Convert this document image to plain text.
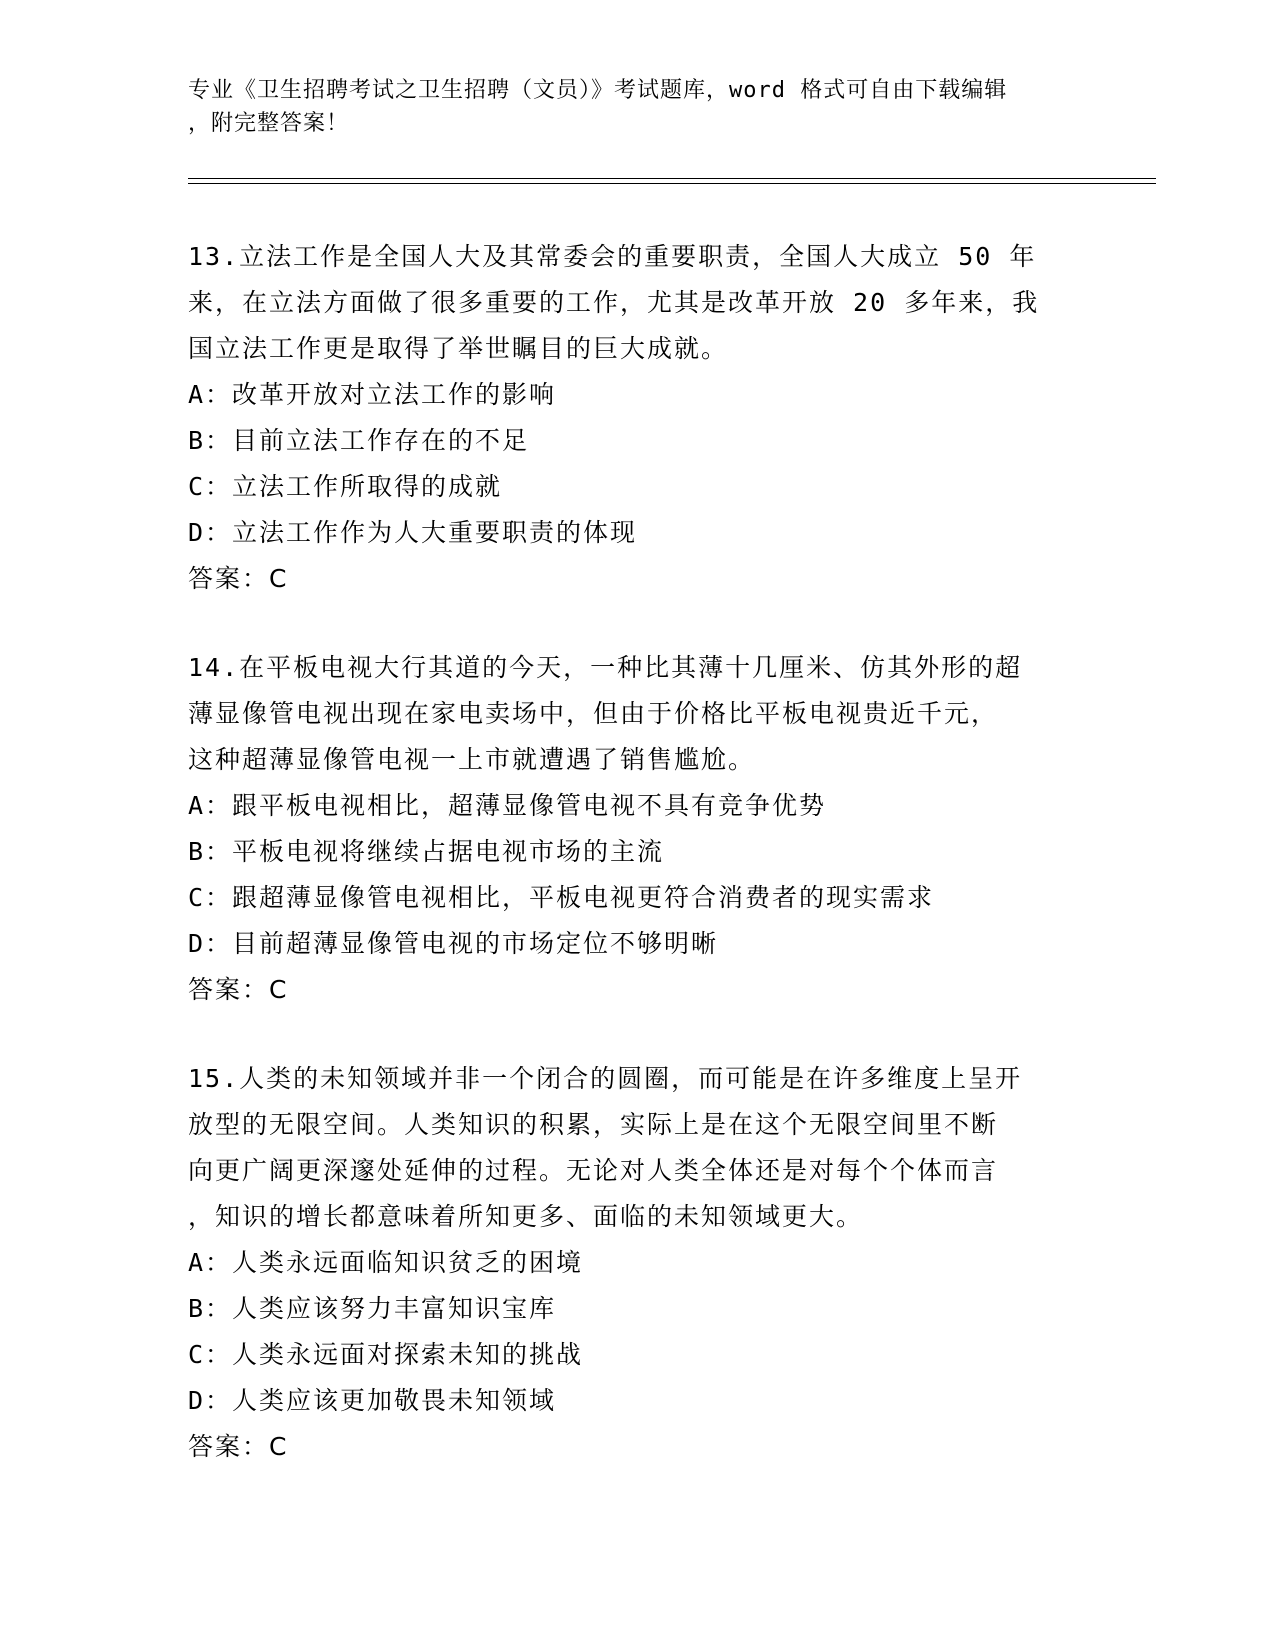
专业《卫生招聘考试之卫生招聘（文员）》考试题库，word 格式可自由下载编辑
，附完整答案！
13.立法工作是全国人大及其常委会的重要职责，全国人大成立 50 年
来，在立法方面做了很多重要的工作，尤其是改革开放 20 多年来，我
国立法工作更是取得了举世瞩目的巨大成就。
A：改革开放对立法工作的影响
B：目前立法工作存在的不足
C：立法工作所取得的成就
D：立法工作作为人大重要职责的体现
答案：C
14.在平板电视大行其道的今天，一种比其薄十几厘米、仿其外形的超
薄显像管电视出现在家电卖场中，但由于价格比平板电视贵近千元，
这种超薄显像管电视一上市就遭遇了销售尴尬。
A：跟平板电视相比，超薄显像管电视不具有竞争优势
B：平板电视将继续占据电视市场的主流
C：跟超薄显像管电视相比，平板电视更符合消费者的现实需求
D：目前超薄显像管电视的市场定位不够明晰
答案：C
15.人类的未知领域并非一个闭合的圆圈，而可能是在许多维度上呈开
放型的无限空间。人类知识的积累，实际上是在这个无限空间里不断
向更广阔更深邃处延伸的过程。无论对人类全体还是对每个个体而言
，知识的增长都意味着所知更多、面临的未知领域更大。
A：人类永远面临知识贫乏的困境
B：人类应该努力丰富知识宝库
C：人类永远面对探索未知的挑战
D：人类应该更加敬畏未知领域
答案：C
